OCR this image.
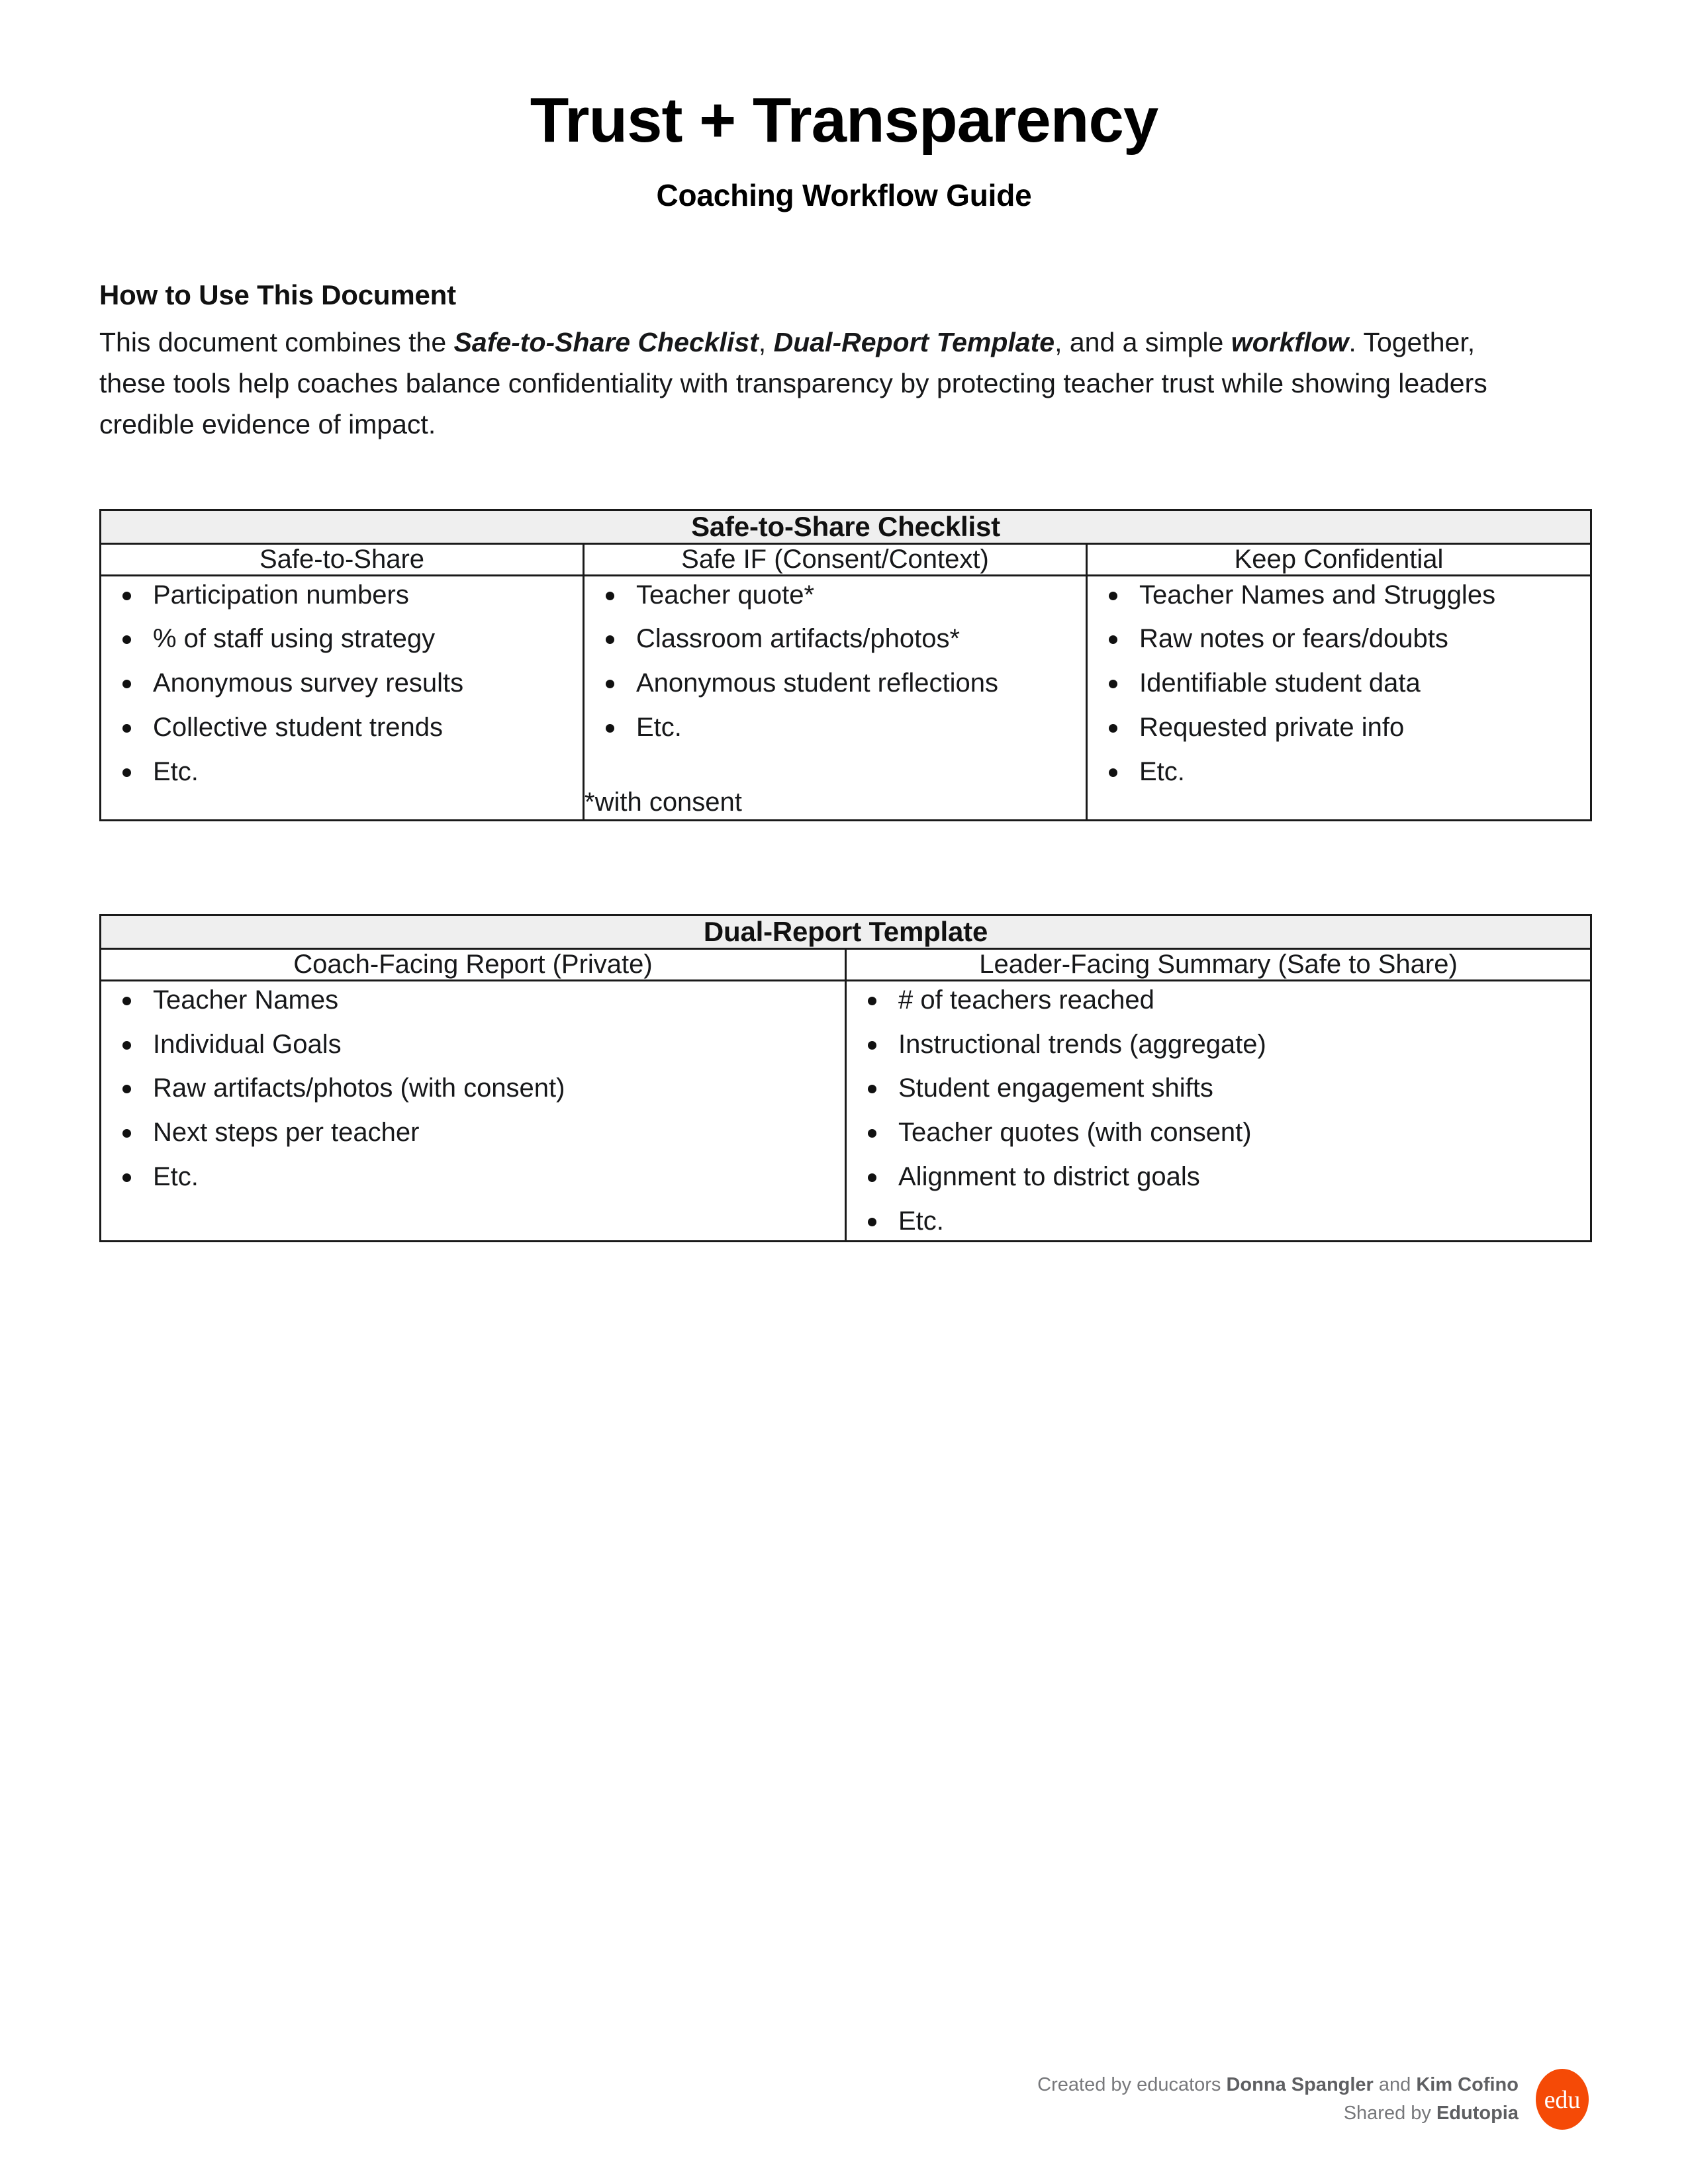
Trust + Transparency
Coaching Workflow Guide
How to Use This Document

This document combines the Safe-to-Share Checklist, Dual-Report Template, and a simple workflow. Together, these tools help coaches balance confidentiality with transparency by protecting teacher trust while showing leaders credible evidence of impact.

Safe-to-Share Checklist		
Safe-to-Share	Safe IF (Consent/Context)	Keep Confidential

Participation numbers
% of staff using strategy
Anonymous survey results
Collective student trends
Etc.

Teacher quote*
Classroom artifacts/photos*
Anonymous student reflections
Etc.

*with consent

Teacher Names and Struggles
Raw notes or fears/doubts
Identifiable student data
Requested private info
Etc.
Dual-Report Template	
Coach-Facing Report (Private)	Leader-Facing Summary (Safe to Share)

Teacher Names
Individual Goals
Raw artifacts/photos (with consent)
Next steps per teacher
Etc.

# of teachers reached
Instructional trends (aggregate)
Student engagement shifts
Teacher quotes (with consent)
Alignment to district goals
Etc.
Created by educators Donna Spangler and Kim Cofino
Shared by Edutopia edu
